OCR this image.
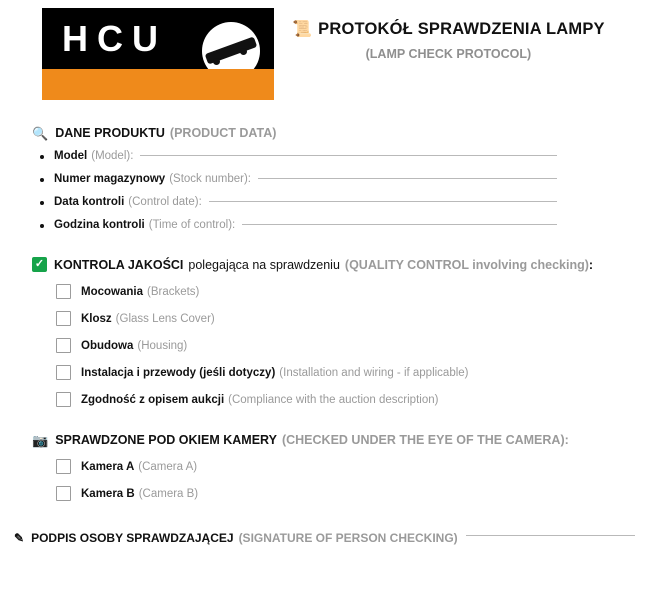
HCU	📜 PROTOKÓŁ SPRAWDZENIA LAMPY
(LAMP CHECK PROTOCOL)
🔍 DANE PRODUKTU (PRODUCT DATA)
Model (Model):
Numer magazynowy (Stock number):
Data kontroli (Control date):
Godzina kontroli (Time of control):
✓ KONTROLA JAKOŚCI polegająca na sprawdzeniu (QUALITY CONTROL involving checking) :
Mocowania (Brackets)
Klosz (Glass Lens Cover)
Obudowa (Housing)
Instalacja i przewody (jeśli dotyczy) (Installation and wiring - if applicable)
Zgodność z opisem aukcji (Compliance with the auction description)
📷 SPRAWDZONE POD OKIEM KAMERY (CHECKED UNDER THE EYE OF THE CAMERA):
Kamera A (Camera A)
Kamera B (Camera B)
✎ PODPIS OSOBY SPRAWDZAJĄCEJ (SIGNATURE OF PERSON CHECKING)
